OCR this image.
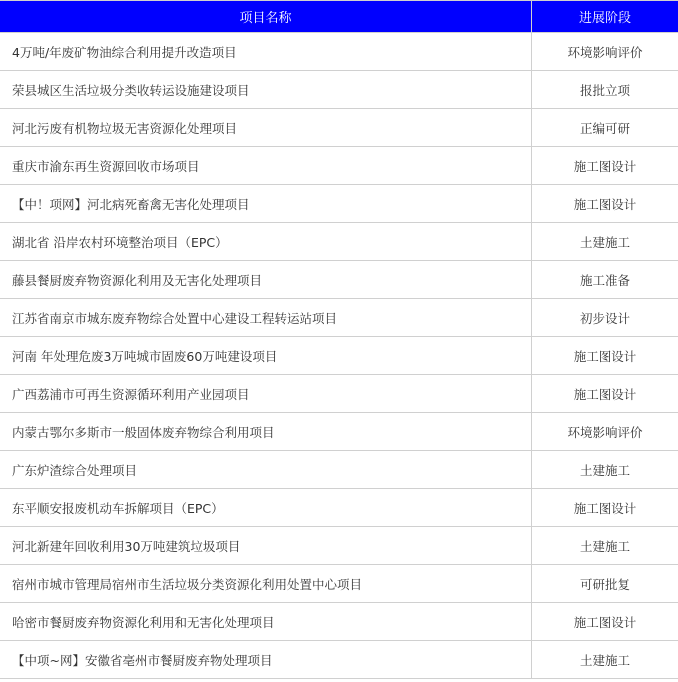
项目名称	进展阶段
4万吨/年废矿物油综合利用提升改造项目	环境影响评价
荣县城区生活垃圾分类收转运设施建设项目	报批立项
河北污废有机物垃圾无害资源化处理项目	正编可研
重庆市渝东再生资源回收市场项目	施工图设计
【中！项网】河北病死畜禽无害化处理项目	施工图设计
湖北省 沿岸农村环境整治项目（EPC）	土建施工
藤县餐厨废弃物资源化利用及无害化处理项目	施工准备
江苏省南京市城东废弃物综合处置中心建设工程转运站项目	初步设计
河南 年处理危废3万吨城市固废60万吨建设项目	施工图设计
广西荔浦市可再生资源循环利用产业园项目	施工图设计
内蒙古鄂尔多斯市一般固体废弃物综合利用项目	环境影响评价
广东炉渣综合处理项目	土建施工
东平顺安报废机动车拆解项目（EPC）	施工图设计
河北新建年回收利用30万吨建筑垃圾项目	土建施工
宿州市城市管理局宿州市生活垃圾分类资源化利用处置中心项目	可研批复
哈密市餐厨废弃物资源化利用和无害化处理项目	施工图设计
【中项~网】安徽省亳州市餐厨废弃物处理项目	土建施工
